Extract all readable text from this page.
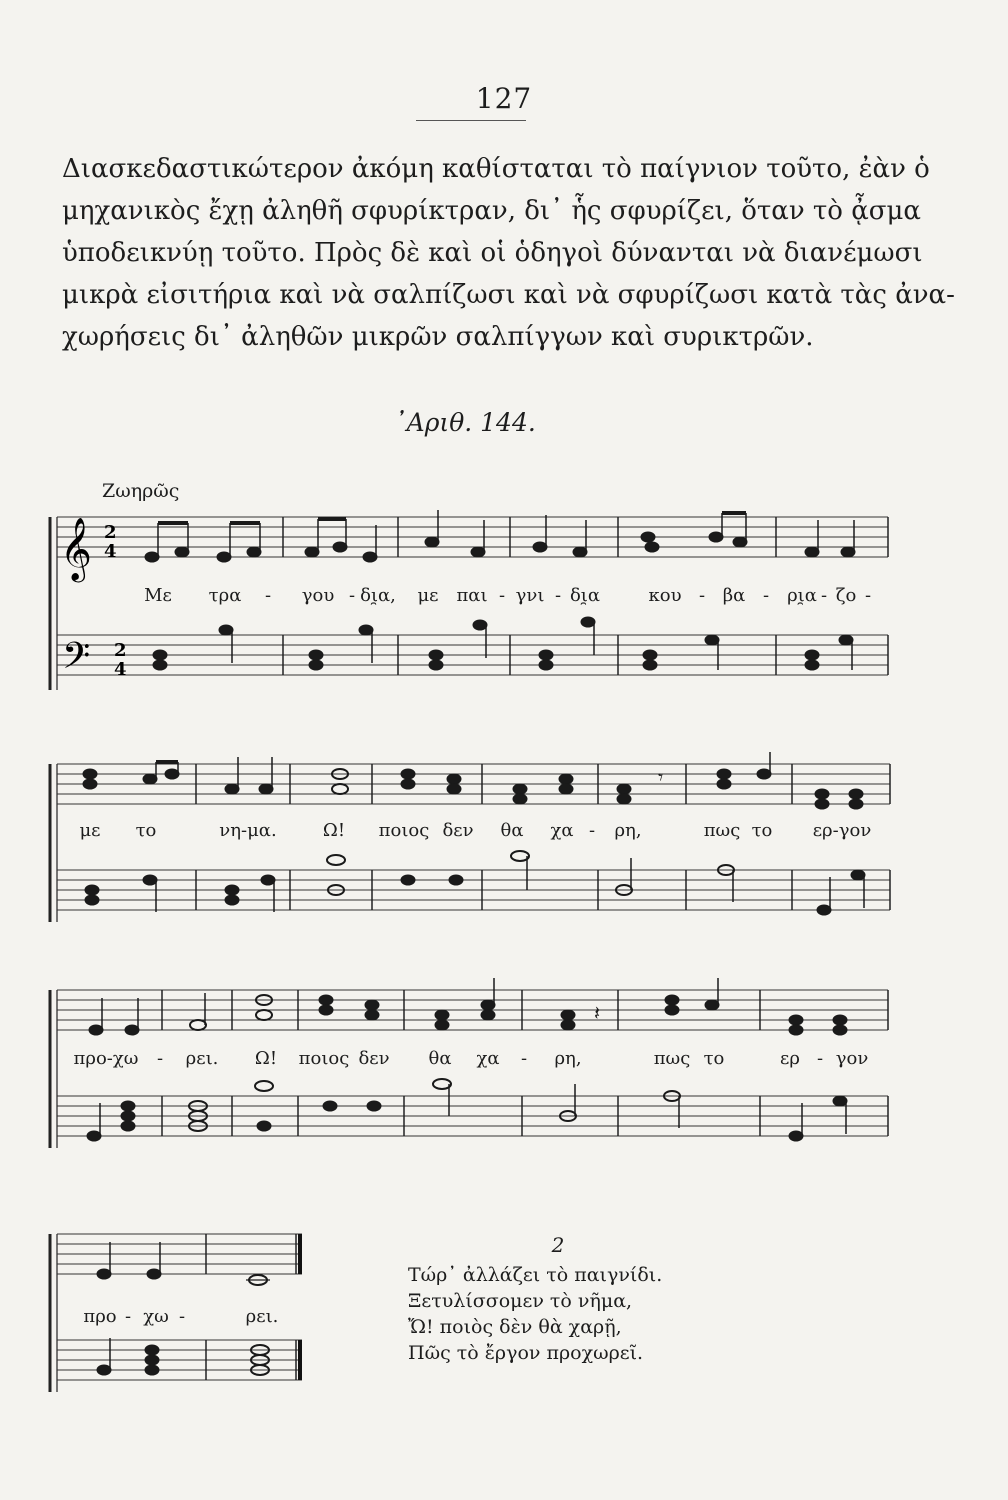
127
Διασκεδαστικώτερον ἀκόμη καθίσταται τὸ παίγνιον τοῦτο, ἐὰν ὁ
μηχανικὸς ἔχῃ ἀληθῆ σφυρίκτραν, δι᾽ ἧς σφυρίζει, ὅταν τὸ ᾆσμα
ὑποδεικνύῃ τοῦτο. Πρὸς δὲ καὶ οἱ ὁδηγοὶ δύνανται νὰ διανέμωσι
μικρὰ εἰσιτήρια καὶ νὰ σαλπίζωσι καὶ νὰ σφυρίζωσι κατὰ τὰς ἀνα-
χωρήσεις δι᾽ ἀληθῶν μικρῶν σαλπίγγων καὶ συρικτρῶν.
᾿Αριθ. 144.
Ζωηρῶς
𝄞
𝄢
2
4
2
4
Με τρα - γου - δι̯α, με παι - γνι - δι̯α	κου - βα - ρι̯α - ζο -
𝄾
με το	νη-μα.	Ω! ποιος δεν θα χα - ρη,	πως το ερ-γον
𝄽
προ-χω - ρει. Ω! ποιος δεν θα χα - ρη,	πως το	ερ - γον
προ - χω -	ρει.
2
Τώρ᾽ ἀλλάζει τὸ παιγνίδι.
Ξετυλίσσομεν τὸ νῆμα,
Ὤ! ποιὸς δὲν θὰ χαρῇ,
Πῶς τὸ ἔργον προχωρεῖ.
